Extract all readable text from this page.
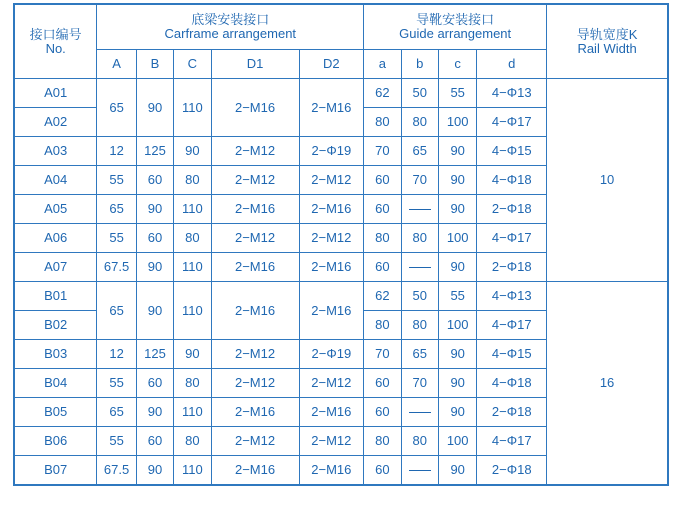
接口编号
No.	底梁安装接口
Carframe arrangement					导靴安装接口
Guide arrangement				导轨宽度K
Rail Width

	A	B	C	D1	D2	a	b	c	d	
A01	65	90	110	2−M16	2−M16	62	50	55	4−Φ13	10
A02						80	80	100	4−Φ17	
A03	12	125	90	2−M12	2−Φ19	70	65	90	4−Φ15	
A04	55	60	80	2−M12	2−M12	60	70	90	4−Φ18	
A05	65	90	110	2−M16	2−M16	60		90	2−Φ18	
A06	55	60	80	2−M12	2−M12	80	80	100	4−Φ17	
A07	67.5	90	110	2−M16	2−M16	60		90	2−Φ18	
B01	65	90	110	2−M16	2−M16	62	50	55	4−Φ13	16
B02						80	80	100	4−Φ17	
B03	12	125	90	2−M12	2−Φ19	70	65	90	4−Φ15	
B04	55	60	80	2−M12	2−M12	60	70	90	4−Φ18	
B05	65	90	110	2−M16	2−M16	60		90	2−Φ18	
B06	55	60	80	2−M12	2−M12	80	80	100	4−Φ17	
B07	67.5	90	110	2−M16	2−M16	60		90	2−Φ18	
